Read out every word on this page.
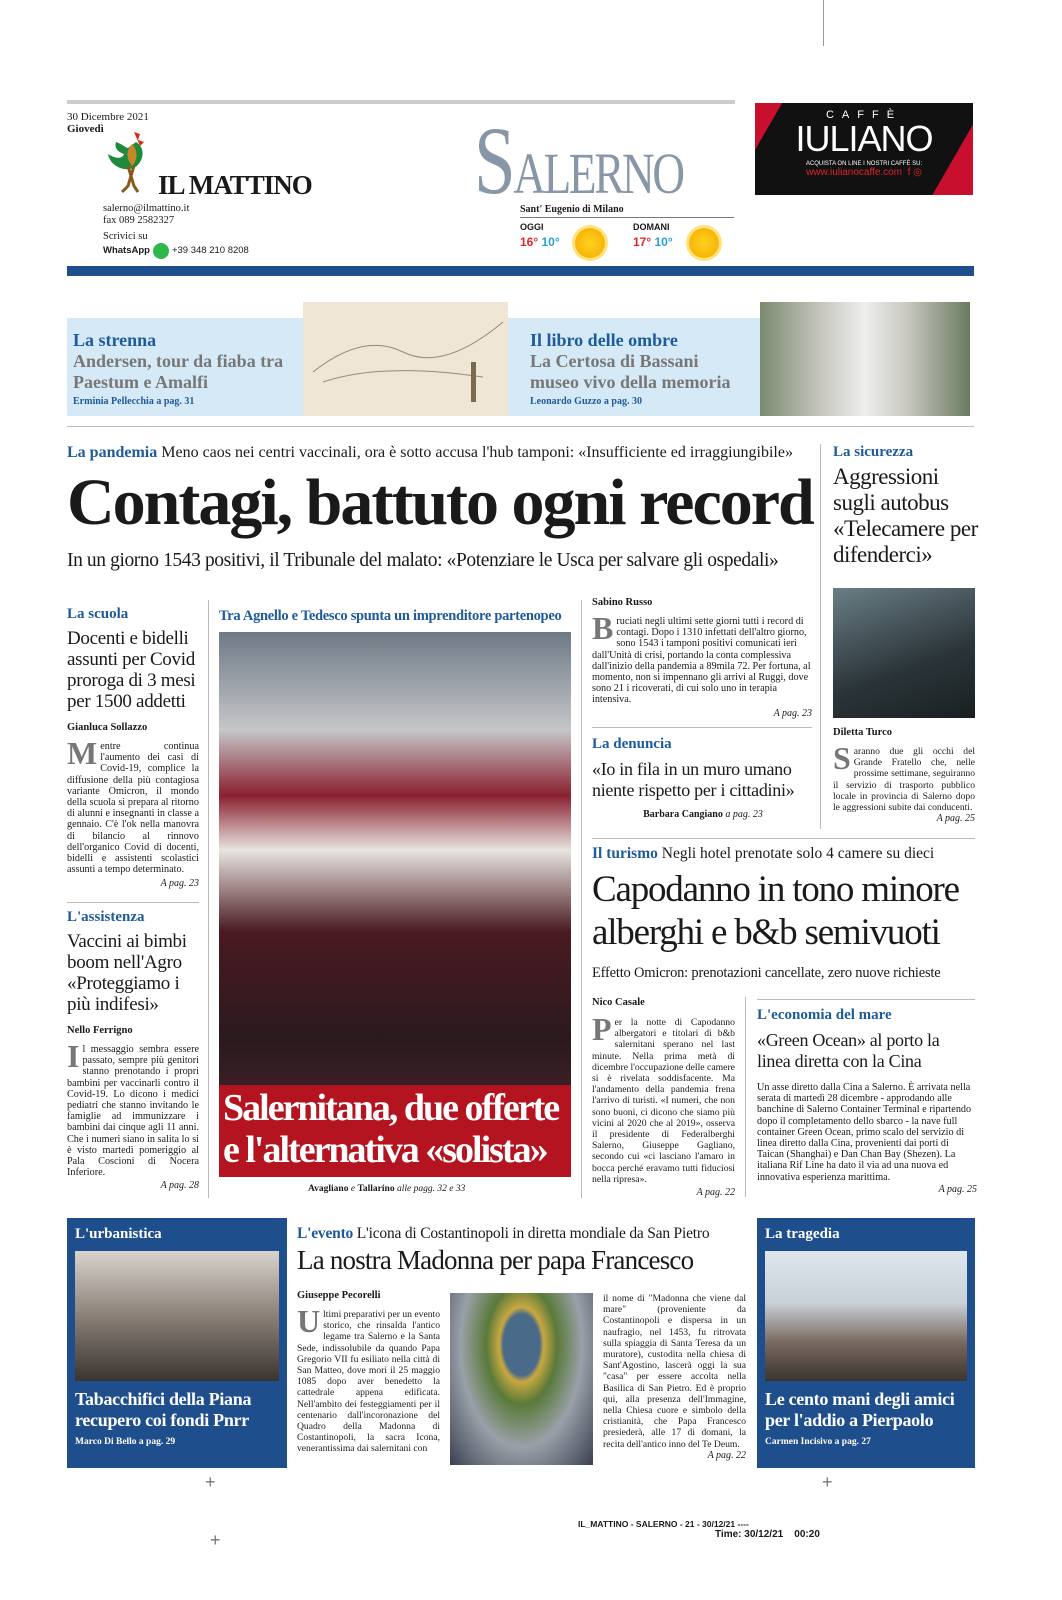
30 Dicembre 2021
Giovedì
IL MATTINO	SALERNO
salerno@ilmattino.it
fax 089 2582327
Scrivici su
WhatsApp +39 348 210 8208
Sant' Eugenio di Milano
OGGI
16° 10°
DOMANI
17° 10°
CAFFÈ
IULIANO
ACQUISTA ON LINE I NOSTRI CAFFÈ SU:
www.iulianocaffe.com f ◎
La strenna
Andersen, tour da fiaba tra Paestum e Amalfi
Erminia Pellecchia a pag. 31
Il libro delle ombre
La Certosa di Bassani museo vivo della memoria
Leonardo Guzzo a pag. 30
La pandemia Meno caos nei centri vaccinali, ora è sotto accusa l'hub tamponi: «Insufficiente ed irraggiungibile»
Contagi, battuto ogni record
In un giorno 1543 positivi, il Tribunale del malato: «Potenziare le Usca per salvare gli ospedali»
La sicurezza
Aggressioni sugli autobus «Telecamere per difenderci»
Diletta Turco
Saranno due gli occhi del Grande Fratello che, nelle prossime settimane, seguiranno il servizio di trasporto pubblico locale in provincia di Salerno dopo le aggressioni subite dai conducenti.
A pag. 25
La scuola
Docenti e bidelli assunti per Covid proroga di 3 mesi per 1500 addetti
Gianluca Sollazzo
Mentre continua l'aumento dei casi di Covid-19, complice la diffusione della più contagiosa variante Omicron, il mondo della scuola si prepara al ritorno di alunni e insegnanti in classe a gennaio. C'è l'ok nella manovra di bilancio al rinnovo dell'organico Covid di docenti, bidelli e assistenti scolastici assunti a tempo determinato.
A pag. 23
L'assistenza
Vaccini ai bimbi boom nell'Agro «Proteggiamo i più indifesi»
Nello Ferrigno
Il messaggio sembra essere passato, sempre più genitori stanno prenotando i propri bambini per vaccinarli contro il Covid-19. Lo dicono i medici pediatri che stanno invitando le famiglie ad immunizzare i bambini dai cinque agli 11 anni. Che i numeri siano in salita lo si è visto martedì pomeriggio al Pala Coscioni di Nocera Inferiore.
A pag. 28
Tra Agnello e Tedesco spunta un imprenditore partenopeo
Salernitana, due offerte e l'alternativa «solista»
Avagliano e Tallarino alle pagg. 32 e 33
Sabino Russo
Bruciati negli ultimi sette giorni tutti i record di contagi. Dopo i 1310 infettati dell'altro giorno, sono 1543 i tamponi positivi comunicati ieri dall'Unità di crisi, portando la conta complessiva dall'inizio della pandemia a 89mila 72. Per fortuna, al momento, non si impennano gli arrivi al Ruggi, dove sono 21 i ricoverati, di cui solo uno in terapia intensiva.
A pag. 23
La denuncia
«Io in fila in un muro umano niente rispetto per i cittadini»
Barbara Cangiano a pag. 23
Il turismo Negli hotel prenotate solo 4 camere su dieci
Capodanno in tono minore alberghi e b&b semivuoti
Effetto Omicron: prenotazioni cancellate, zero nuove richieste
Nico Casale
Per la notte di Capodanno albergatori e titolari di b&b salernitani sperano nel last minute. Nella prima metà di dicembre l'occupazione delle camere si è rivelata soddisfacente. Ma l'andamento della pandemia frena l'arrivo di turisti. «I numeri, che non sono buoni, ci dicono che siamo più vicini al 2020 che al 2019», osserva il presidente di Federalberghi Salerno, Giuseppe Gagliano, secondo cui «ci lasciano l'amaro in bocca perché eravamo tutti fiduciosi nella ripresa».
A pag. 22
L'economia del mare
«Green Ocean» al porto la linea diretta con la Cina
Un asse diretto dalla Cina a Salerno. È arrivata nella serata di martedì 28 dicembre - approdando alle banchine di Salerno Container Terminal e ripartendo dopo il completamento dello sbarco - la nave full container Green Ocean, primo scalo del servizio di linea diretto dalla Cina, provenienti dai porti di Taican (Shanghai) e Dan Chan Bay (Shezen). La italiana Rif Line ha dato il via ad una nuova ed innovativa esperienza marittima.
A pag. 25
L'urbanistica
Tabacchifici della Piana recupero coi fondi Pnrr
Marco Di Bello a pag. 29
L'evento L'icona di Costantinopoli in diretta mondiale da San Pietro
La nostra Madonna per papa Francesco
Giuseppe Pecorelli
Ultimi preparativi per un evento storico, che rinsalda l'antico legame tra Salerno e la Santa Sede, indissolubile da quando Papa Gregorio VII fu esiliato nella città di San Matteo, dove morì il 25 maggio 1085 dopo aver benedetto la cattedrale appena edificata. Nell'ambito dei festeggiamenti per il centenario dall'incoronazione del Quadro della Madonna di Costantinopoli, la sacra Icona, venerantissima dai salernitani con
il nome di "Madonna che viene dal mare" (proveniente da Costantinopoli e dispersa in un naufragio, nel 1453, fu ritrovata sulla spiaggia di Santa Teresa da un muratore), custodita nella chiesa di Sant'Agostino, lascerà oggi la sua "casa" per essere accolta nella Basilica di San Pietro. Ed è proprio qui, alla presenza dell'Immagine, nella Chiesa cuore e simbolo della cristianità, che Papa Francesco presiederà, alle 17 di domani, la recita dell'antico inno del Te Deum.
A pag. 22
La tragedia
Le cento mani degli amici per l'addio a Pierpaolo
Carmen Incisivo a pag. 27
+	+
+
IL_MATTINO - SALERNO - 21 - 30/12/21 ----
Time: 30/12/21    00:20
